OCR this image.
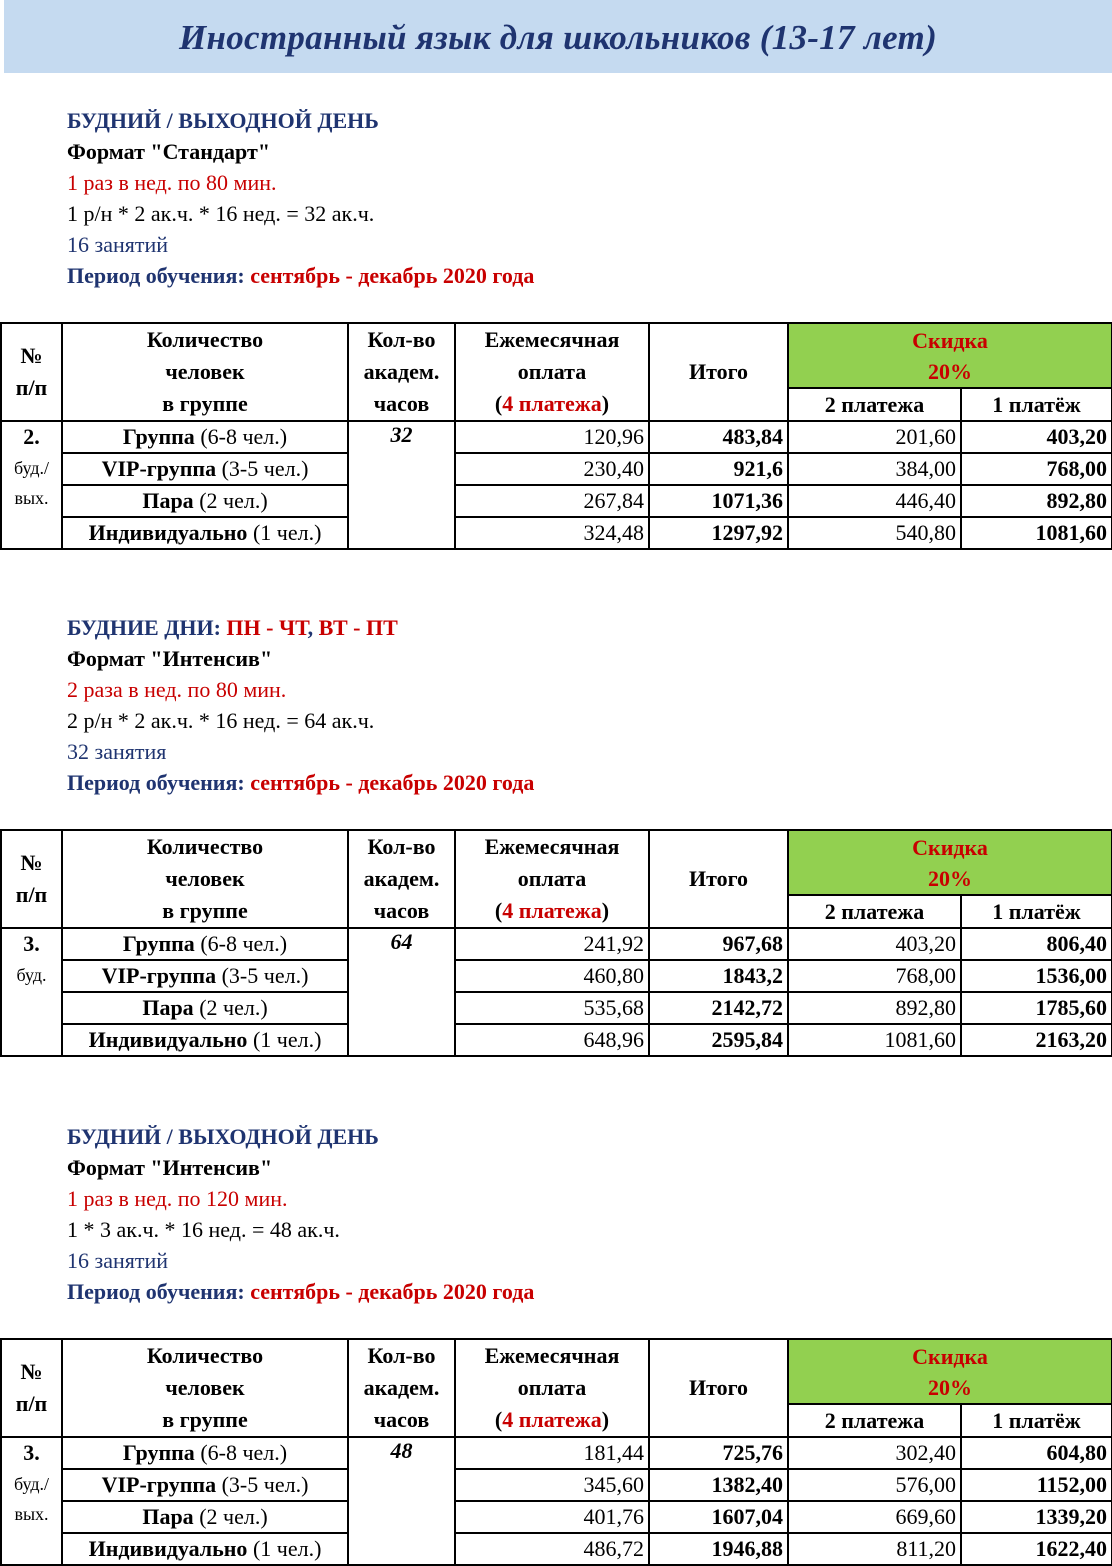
Иностранный язык для школьников (13-17 лет)
БУДНИЙ / ВЫХОДНОЙ ДЕНЬ
Формат "Стандарт"
1 раз в нед. по 80 мин.
1 р/н * 2 ак.ч. * 16 нед. = 32 ак.ч.
16 занятий
Период обучения: сентябрь - декабрь 2020 года
№
п/п	Количество
человек
в группе	Кол-во
академ.
часов	Ежемесячная
оплата
(4 платежа)	Итого	Скидка
20%	
					2 платежа	1 платёж
2.
буд./
вых.	Группа (6-8 чел.)	32	120,96	483,84	201,60	403,20
	VIP-группа (3-5 чел.)		230,40	921,6	384,00	768,00
	Пара (2 чел.)		267,84	1071,36	446,40	892,80
	Индивидуально (1 чел.)		324,48	1297,92	540,80	1081,60
БУДНИЕ ДНИ: ПН - ЧТ, ВТ - ПТ
Формат "Интенсив"
2 раза в нед. по 80 мин.
2 р/н * 2 ак.ч. * 16 нед. = 64 ак.ч.
32 занятия
Период обучения: сентябрь - декабрь 2020 года
№
п/п	Количество
человек
в группе	Кол-во
академ.
часов	Ежемесячная
оплата
(4 платежа)	Итого	Скидка
20%	
					2 платежа	1 платёж
3.
буд.	Группа (6-8 чел.)	64	241,92	967,68	403,20	806,40
	VIP-группа (3-5 чел.)		460,80	1843,2	768,00	1536,00
	Пара (2 чел.)		535,68	2142,72	892,80	1785,60
	Индивидуально (1 чел.)		648,96	2595,84	1081,60	2163,20
БУДНИЙ / ВЫХОДНОЙ ДЕНЬ
Формат "Интенсив"
1 раз в нед. по 120 мин.
1 * 3 ак.ч. * 16 нед. = 48 ак.ч.
16 занятий
Период обучения: сентябрь - декабрь 2020 года
№
п/п	Количество
человек
в группе	Кол-во
академ.
часов	Ежемесячная
оплата
(4 платежа)	Итого	Скидка
20%	
					2 платежа	1 платёж
3.
буд./
вых.	Группа (6-8 чел.)	48	181,44	725,76	302,40	604,80
	VIP-группа (3-5 чел.)		345,60	1382,40	576,00	1152,00
	Пара (2 чел.)		401,76	1607,04	669,60	1339,20
	Индивидуально (1 чел.)		486,72	1946,88	811,20	1622,40
